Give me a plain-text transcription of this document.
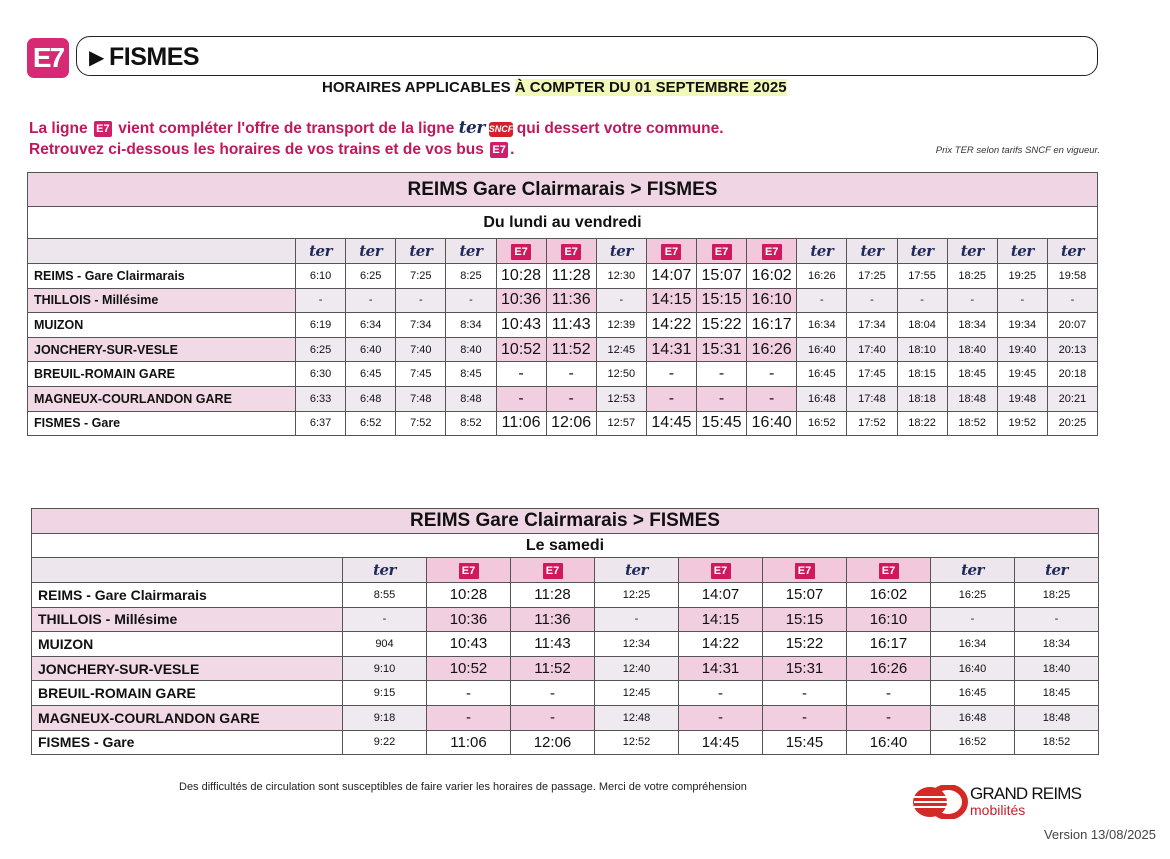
E7 ▶ FISMES
HORAIRES APPLICABLES À COMPTER DU 01 SEPTEMBRE 2025
La ligne E7 vient compléter l'offre de transport de la ligne ter SNCF qui dessert votre commune.
Retrouvez ci-dessous les horaires de vos trains et de vos bus E7 .	Prix TER selon tarifs SNCF en vigueur.
REIMS Gare Clairmarais > FISMES																
Du lundi au vendredi																
	ter	ter	ter	ter	E7	E7	ter	E7	E7	E7	ter	ter	ter	ter	ter	ter
REIMS - Gare Clairmarais	6:10	6:25	7:25	8:25	10:28	11:28	12:30	14:07	15:07	16:02	16:26	17:25	17:55	18:25	19:25	19:58
THILLOIS - Millésime	-	-	-	-	10:36	11:36	-	14:15	15:15	16:10	-	-	-	-	-	-
MUIZON	6:19	6:34	7:34	8:34	10:43	11:43	12:39	14:22	15:22	16:17	16:34	17:34	18:04	18:34	19:34	20:07
JONCHERY-SUR-VESLE	6:25	6:40	7:40	8:40	10:52	11:52	12:45	14:31	15:31	16:26	16:40	17:40	18:10	18:40	19:40	20:13
BREUIL-ROMAIN GARE	6:30	6:45	7:45	8:45	-	-	12:50	-	-	-	16:45	17:45	18:15	18:45	19:45	20:18
MAGNEUX-COURLANDON GARE	6:33	6:48	7:48	8:48	-	-	12:53	-	-	-	16:48	17:48	18:18	18:48	19:48	20:21
FISMES - Gare	6:37	6:52	7:52	8:52	11:06	12:06	12:57	14:45	15:45	16:40	16:52	17:52	18:22	18:52	19:52	20:25
REIMS Gare Clairmarais > FISMES									
Le samedi									
	ter	E7	E7	ter	E7	E7	E7	ter	ter
REIMS - Gare Clairmarais	8:55	10:28	11:28	12:25	14:07	15:07	16:02	16:25	18:25
THILLOIS - Millésime	-	10:36	11:36	-	14:15	15:15	16:10	-	-
MUIZON	904	10:43	11:43	12:34	14:22	15:22	16:17	16:34	18:34
JONCHERY-SUR-VESLE	9:10	10:52	11:52	12:40	14:31	15:31	16:26	16:40	18:40
BREUIL-ROMAIN GARE	9:15	-	-	12:45	-	-	-	16:45	18:45
MAGNEUX-COURLANDON GARE	9:18	-	-	12:48	-	-	-	16:48	18:48
FISMES - Gare	9:22	11:06	12:06	12:52	14:45	15:45	16:40	16:52	18:52
Des difficultés de circulation sont susceptibles de faire varier les horaires de passage. Merci de votre compréhension	GRAND REIMS
mobilités
Version 13/08/2025
